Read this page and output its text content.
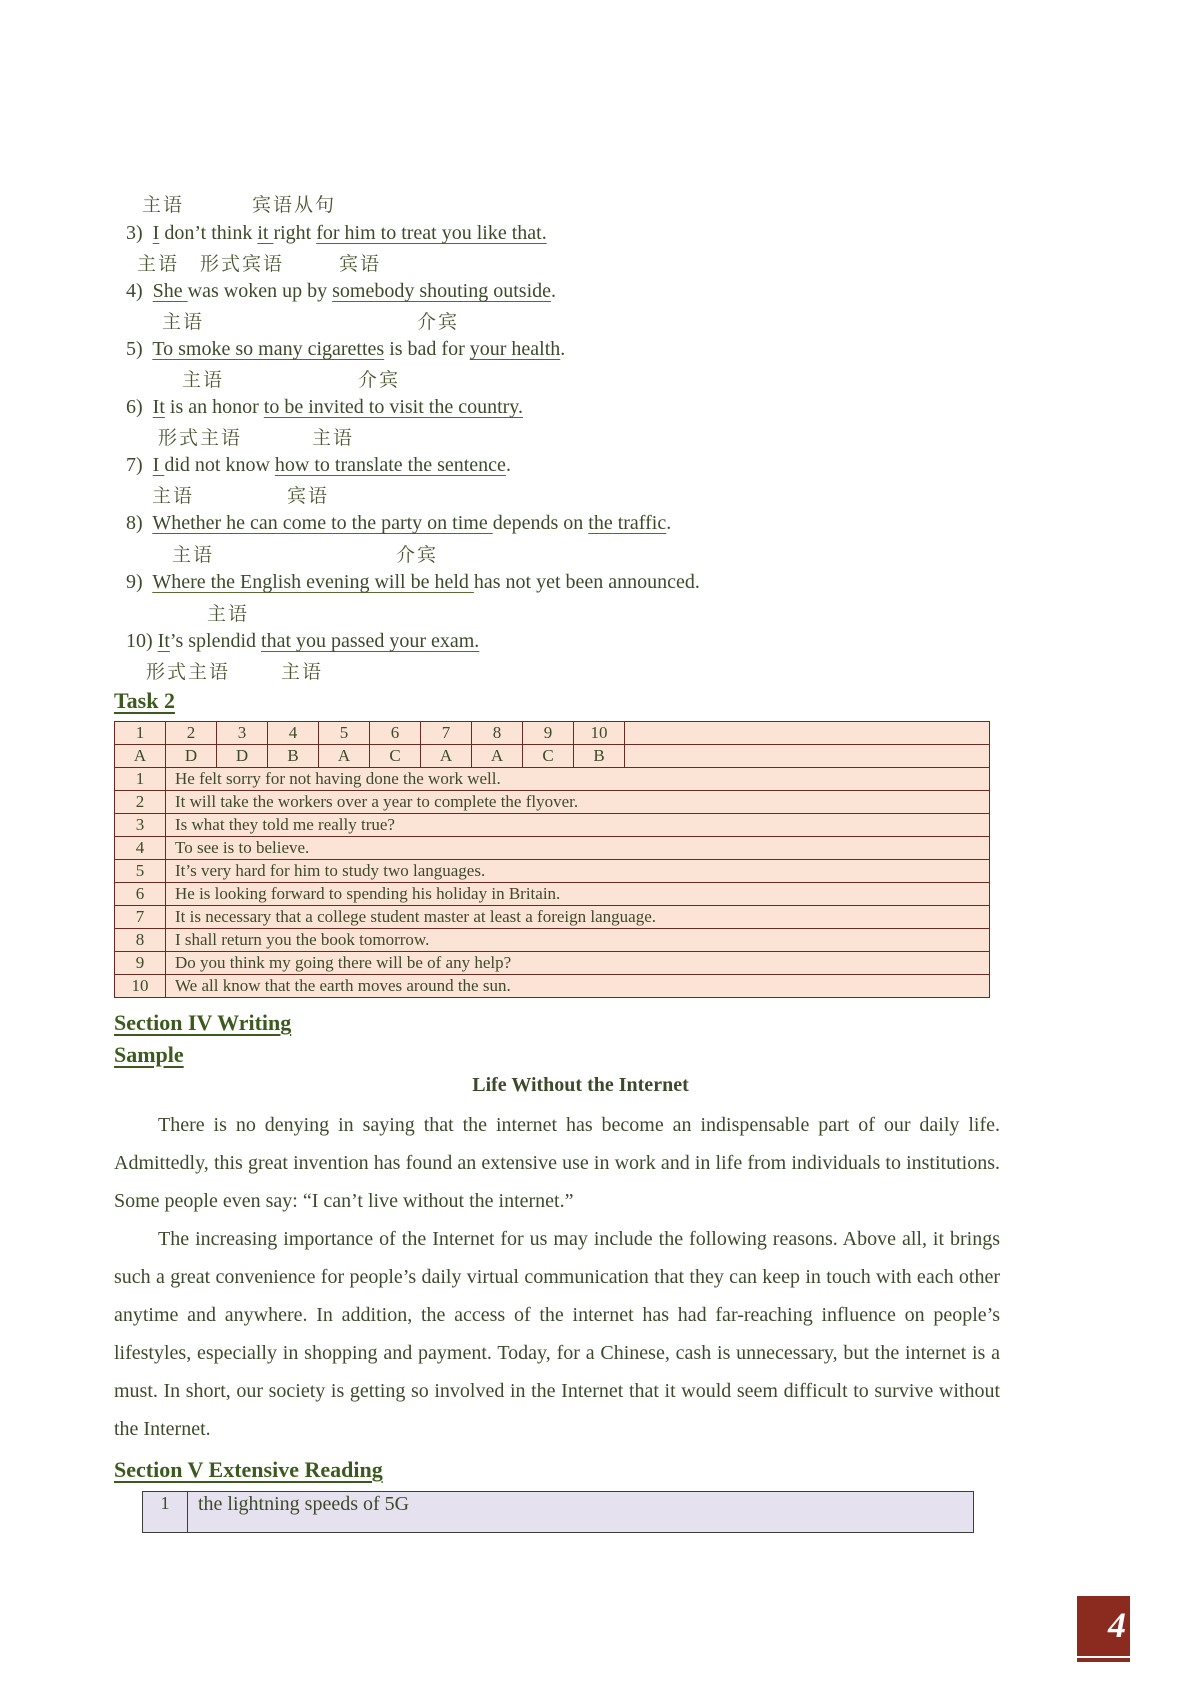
主语	宾语从句
3) I don’t think it right for him to treat you like that.
主语 形式宾语	宾语
4) She was woken up by somebody shouting outside.
主语	介宾
5) To smoke so many cigarettes is bad for your health.
主语	介宾
6) It is an honor to be invited to visit the country.
形式主语	主语
7) I did not know how to translate the sentence.
主语	宾语
8) Whether he can come to the party on time depends on the traffic.
主语	介宾
9) Where the English evening will be held has not yet been announced.
主语
10) It’s splendid that you passed your exam.
形式主语	主语
Task 2
1	2	3	4	5	6	7	8	9	10	
A	D	D	B	A	C	A	A	C	B	
1	He felt sorry for not having done the work well.									
2	It will take the workers over a year to complete the flyover.									
3	Is what they told me really true?									
4	To see is to believe.									
5	It’s very hard for him to study two languages.									
6	He is looking forward to spending his holiday in Britain.									
7	It is necessary that a college student master at least a foreign language.									
8	I shall return you the book tomorrow.									
9	Do you think my going there will be of any help?									
10	We all know that the earth moves around the sun.									
Section IV Writing
Sample
Life Without the Internet

There is no denying in saying that the internet has become an indispensable part of our daily life. Admittedly, this great invention has found an extensive use in work and in life from individuals to institutions. Some people even say: “I can’t live without the internet.”

The increasing importance of the Internet for us may include the following reasons. Above all, it brings such a great convenience for people’s daily virtual communication that they can keep in touch with each other anytime and anywhere. In addition, the access of the internet has had far-reaching influence on people’s lifestyles, especially in shopping and payment. Today, for a Chinese, cash is unnecessary, but the internet is a must. In short, our society is getting so involved in the Internet that it would seem difficult to survive without the Internet.

Section V Extensive Reading
1	the lightning speeds of 5G
4
